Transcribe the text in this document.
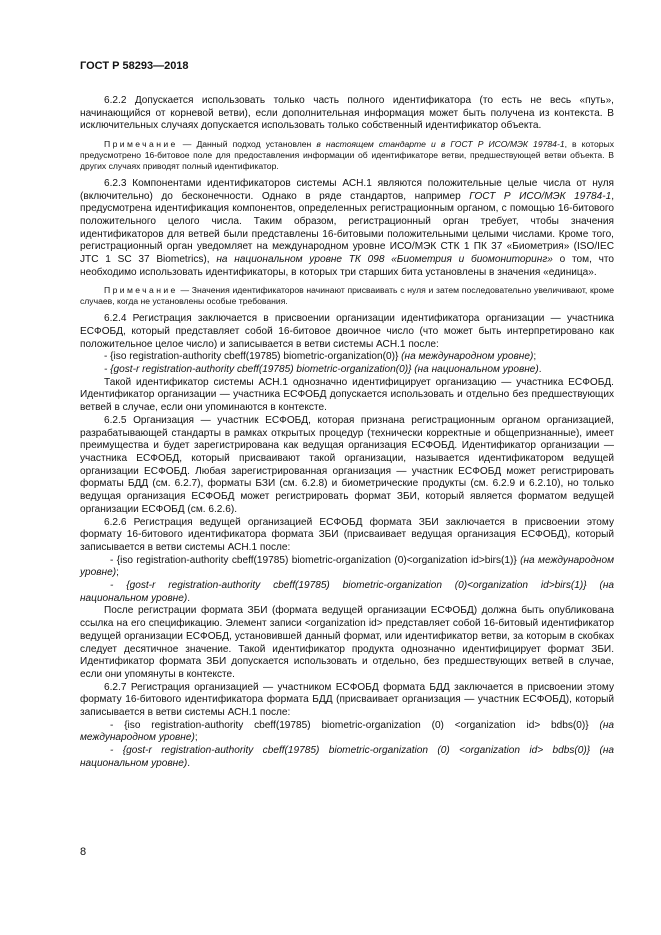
ГОСТ Р 58293—2018

6.2.2 Допускается использовать только часть полного идентификатора (то есть не весь «путь», начинающийся от корневой ветви), если дополнительная информация может быть получена из контекста. В исключительных случаях допускается использовать только собственный идентификатор объекта.

Примечание — Данный подход установлен в настоящем стандарте и в ГОСТ Р ИСО/МЭК 19784-1, в которых предусмотрено 16-битовое поле для предоставления информации об идентификаторе ветви, предшествующей ветви объекта. В других случаях приводят полный идентификатор.

6.2.3 Компонентами идентификаторов системы АСН.1 являются положительные целые числа от нуля (включительно) до бесконечности. Однако в ряде стандартов, например ГОСТ Р ИСО/МЭК 19784-1, предусмотрена идентификация компонентов, определенных регистрационным органом, с помощью 16-битового положительного целого числа. Таким образом, регистрационный орган требует, чтобы значения идентификаторов для ветвей были представлены 16-битовыми положительными целыми числами. Кроме того, регистрационный орган уведомляет на международном уровне ИСО/МЭК СТК 1 ПК 37 «Биометрия» (ISO/IEC JTC 1 SC 37 Biometrics), на национальном уровне ТК 098 «Биометрия и биомониторинг» о том, что необходимо использовать идентификаторы, в которых три старших бита установлены в значения «единица».

Примечание — Значения идентификаторов начинают присваивать с нуля и затем последовательно увеличивают, кроме случаев, когда не установлены особые требования.

6.2.4 Регистрация заключается в присвоении организации идентификатора организации — участника ЕСФОБД, который представляет собой 16-битовое двоичное число (что может быть интерпретировано как положительное целое число) и записывается в ветви системы АСН.1 после:

- {iso registration-authority cbeff(19785) biometric-organization(0)} (на международном уровне);

- {gost-r registration-authority cbeff(19785) biometric-organization(0)} (на национальном уровне).

Такой идентификатор системы АСН.1 однозначно идентифицирует организацию — участника ЕСФОБД. Идентификатор организации — участника ЕСФОБД допускается использовать и отдельно без предшествующих ветвей в случае, если они упоминаются в контексте.

6.2.5 Организация — участник ЕСФОБД, которая признана регистрационным органом организацией, разрабатывающей стандарты в рамках открытых процедур (технически корректные и общепризнанные), имеет преимущества и будет зарегистрирована как ведущая организация ЕСФОБД. Идентификатор организации — участника ЕСФОБД, который присваивают такой организации, называется идентификатором ведущей организации ЕСФОБД. Любая зарегистрированная организация — участник ЕСФОБД может регистрировать форматы БДД (см. 6.2.7), форматы БЗИ (см. 6.2.8) и биометрические продукты (см. 6.2.9 и 6.2.10), но только ведущая организация ЕСФОБД может регистрировать формат ЗБИ, который является форматом ведущей организации ЕСФОБД (см. 6.2.6).

6.2.6 Регистрация ведущей организацией ЕСФОБД формата ЗБИ заключается в присвоении этому формату 16-битового идентификатора формата ЗБИ (присваивает ведущая организация ЕСФОБД), который записывается в ветви системы АСН.1 после:

- {iso registration-authority cbeff(19785) biometric-organization (0)<organization id>birs(1)} (на международном уровне);

- {gost-r registration-authority cbeff(19785) biometric-organization (0)<organization id>birs(1)} (на национальном уровне).

После регистрации формата ЗБИ (формата ведущей организации ЕСФОБД) должна быть опубликована ссылка на его спецификацию. Элемент записи <organization id> представляет собой 16-битовый идентификатор ведущей организации ЕСФОБД, установившей данный формат, или идентификатор ветви, за которым в скобках следует десятичное значение. Такой идентификатор продукта однозначно идентифицирует формат ЗБИ. Идентификатор формата ЗБИ допускается использовать и отдельно, без предшествующих ветвей в случае, если они упомянуты в контексте.

6.2.7 Регистрация организацией — участником ЕСФОБД формата БДД заключается в присвоении этому формату 16-битового идентификатора формата БДД (присваивает организация — участник ЕСФОБД), который записывается в ветви системы АСН.1 после:

- {iso registration-authority cbeff(19785) biometric-organization (0) <organization id> bdbs(0)} (на международном уровне);

- {gost-r registration-authority cbeff(19785) biometric-organization (0) <organization id> bdbs(0)} (на национальном уровне).

8
